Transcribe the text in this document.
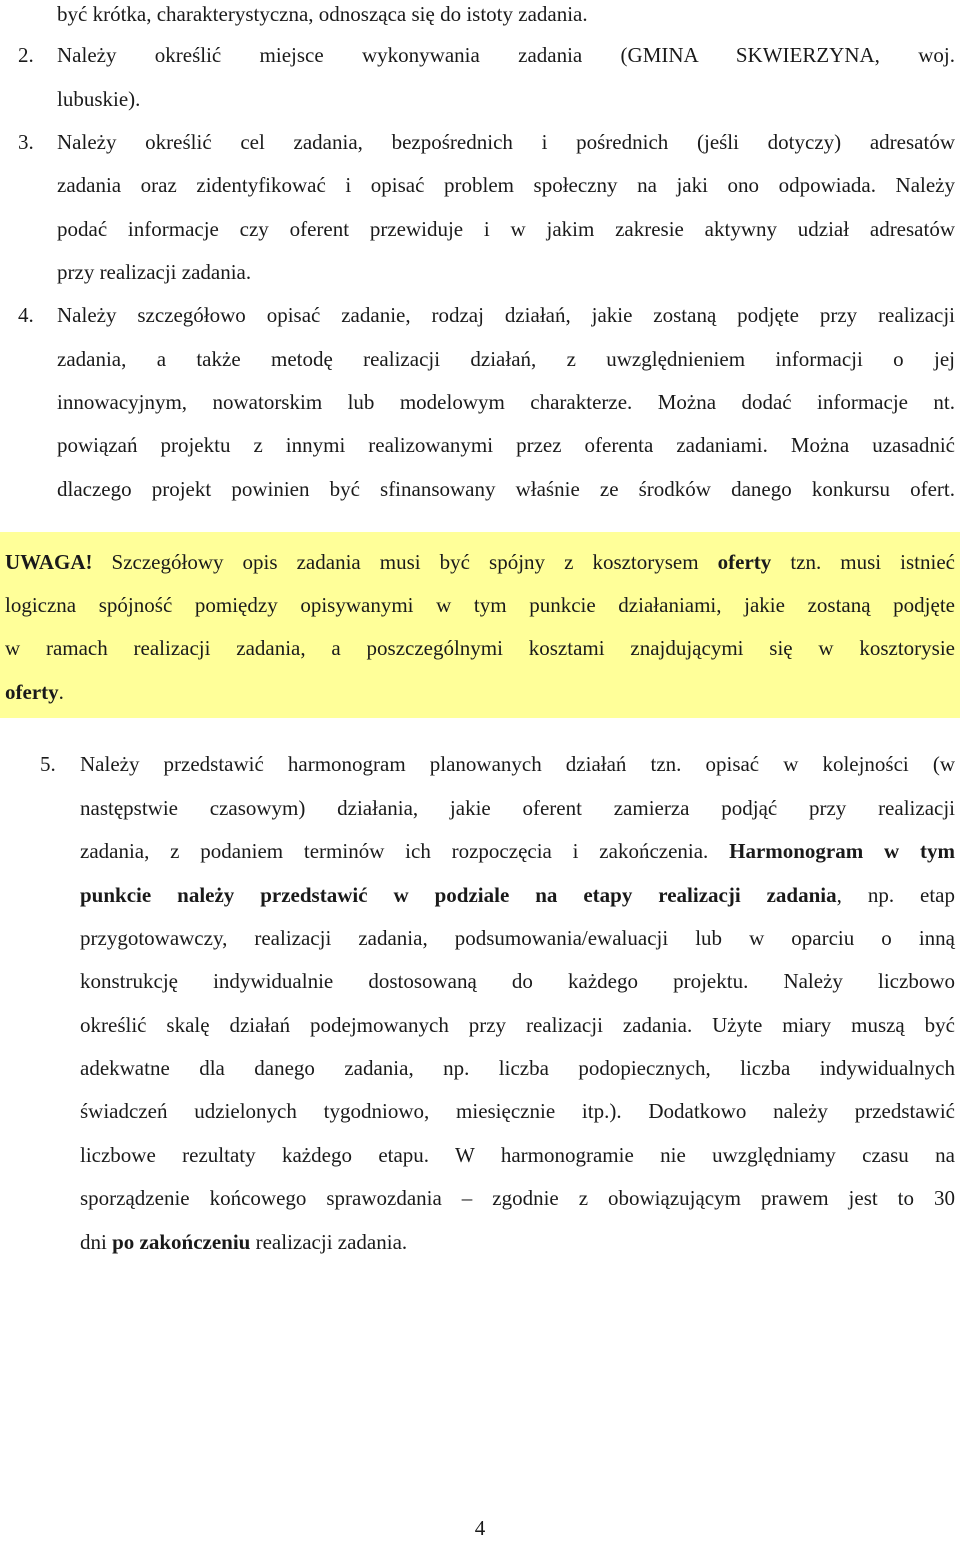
być krótka, charakterystyczna, odnosząca się do istoty zadania.
2. Należy określić miejsce wykonywania zadania (GMINA SKWIERZYNA, woj.
lubuskie).
3. Należy określić cel zadania, bezpośrednich i pośrednich (jeśli dotyczy) adresatów
zadania oraz zidentyfikować i opisać problem społeczny na jaki ono odpowiada. Należy
podać informacje czy oferent przewiduje i w jakim zakresie aktywny udział adresatów
przy realizacji zadania.
4. Należy szczegółowo opisać zadanie, rodzaj działań, jakie zostaną podjęte przy realizacji
zadania, a także metodę realizacji działań, z uwzględnieniem informacji o jej
innowacyjnym, nowatorskim lub modelowym charakterze. Można dodać informacje nt.
powiązań projektu z innymi realizowanymi przez oferenta zadaniami. Można uzasadnić
dlaczego projekt powinien być sfinansowany właśnie ze środków danego konkursu ofert.
UWAGA! Szczegółowy opis zadania musi być spójny z kosztorysem oferty tzn. musi istnieć
logiczna spójność pomiędzy opisywanymi w tym punkcie działaniami, jakie zostaną podjęte
w ramach realizacji zadania, a poszczególnymi kosztami znajdującymi się w kosztorysie
oferty.
5. Należy przedstawić harmonogram planowanych działań tzn. opisać w kolejności (w
następstwie czasowym) działania, jakie oferent zamierza podjąć przy realizacji
zadania, z podaniem terminów ich rozpoczęcia i zakończenia. Harmonogram w tym
punkcie należy przedstawić w podziale na etapy realizacji zadania, np. etap
przygotowawczy, realizacji zadania, podsumowania/ewaluacji lub w oparciu o inną
konstrukcję indywidualnie dostosowaną do każdego projektu. Należy liczbowo
określić skalę działań podejmowanych przy realizacji zadania. Użyte miary muszą być
adekwatne dla danego zadania, np. liczba podopiecznych, liczba indywidualnych
świadczeń udzielonych tygodniowo, miesięcznie itp.). Dodatkowo należy przedstawić
liczbowe rezultaty każdego etapu. W harmonogramie nie uwzględniamy czasu na
sporządzenie końcowego sprawozdania – zgodnie z obowiązującym prawem jest to 30
dni po zakończeniu realizacji zadania.
4
